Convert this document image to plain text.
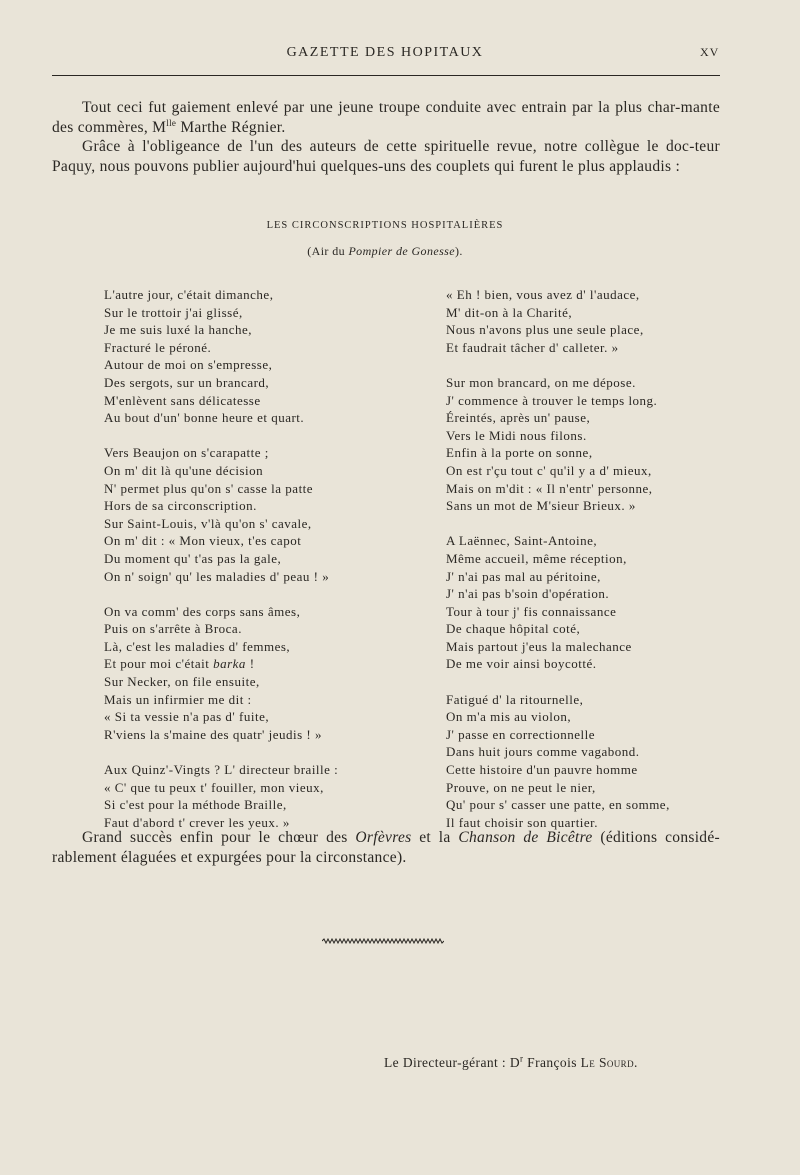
GAZETTE DES HOPITAUX	XV

Tout ceci fut gaiement enlevé par une jeune troupe conduite avec entrain par la plus char-mante des commères, $M^{lle}$ Marthe Régnier.

Grâce à l'obligeance de l'un des auteurs de cette spirituelle revue, notre collègue le doc-teur Paquy, nous pouvons publier aujourd'hui quelques-uns des couplets qui furent le plus applaudis :

LES CIRCONSCRIPTIONS HOSPITALIÈRES
(Air du Pompier de Gonesse).
L'autre jour, c'était dimanche,
Sur le trottoir j'ai glissé,
Je me suis luxé la hanche,
Fracturé le péroné.
Autour de moi on s'empresse,
Des sergots, sur un brancard,
M'enlèvent sans délicatesse
Au bout d'un' bonne heure et quart.
Vers Beaujon on s'carapatte ;
On m' dit là qu'une décision
N' permet plus qu'on s' casse la patte
Hors de sa circonscription.
Sur Saint-Louis, v'là qu'on s' cavale,
On m' dit : « Mon vieux, t'es capot
Du moment qu' t'as pas la gale,
On n' soign' qu' les maladies d' peau ! »
On va comm' des corps sans âmes,
Puis on s'arrête à Broca.
Là, c'est les maladies d' femmes,
Et pour moi c'était barka !
Sur Necker, on file ensuite,
Mais un infirmier me dit :
« Si ta vessie n'a pas d' fuite,
R'viens la s'maine des quatr' jeudis ! »
Aux Quinz'-Vingts ? L' directeur braille :
« C' que tu peux t' fouiller, mon vieux,
Si c'est pour la méthode Braille,
Faut d'abord t' crever les yeux. »
« Eh ! bien, vous avez d' l'audace,
M' dit-on à la Charité,
Nous n'avons plus une seule place,
Et faudrait tâcher d' calleter. »
Sur mon brancard, on me dépose.
J' commence à trouver le temps long.
Éreintés, après un' pause,
Vers le Midi nous filons.
Enfin à la porte on sonne,
On est r'çu tout c' qu'il y a d' mieux,
Mais on m'dit : « Il n'entr' personne,
Sans un mot de M'sieur Brieux. »
A Laënnec, Saint-Antoine,
Même accueil, même réception,
J' n'ai pas mal au péritoine,
J' n'ai pas b'soin d'opération.
Tour à tour j' fis connaissance
De chaque hôpital coté,
Mais partout j'eus la malechance
De me voir ainsi boycotté.
Fatigué d' la ritournelle,
On m'a mis au violon,
J' passe en correctionnelle
Dans huit jours comme vagabond.
Cette histoire d'un pauvre homme
Prouve, on ne peut le nier,
Qu' pour s' casser une patte, en somme,
Il faut choisir son quartier.

Grand succès enfin pour le chœur des Orfèvres et la Chanson de Bicêtre (éditions considé-rablement élaguées et expurgées pour la circonstance).

Le Directeur-gérant : $D^r$ François Le Sourd.
